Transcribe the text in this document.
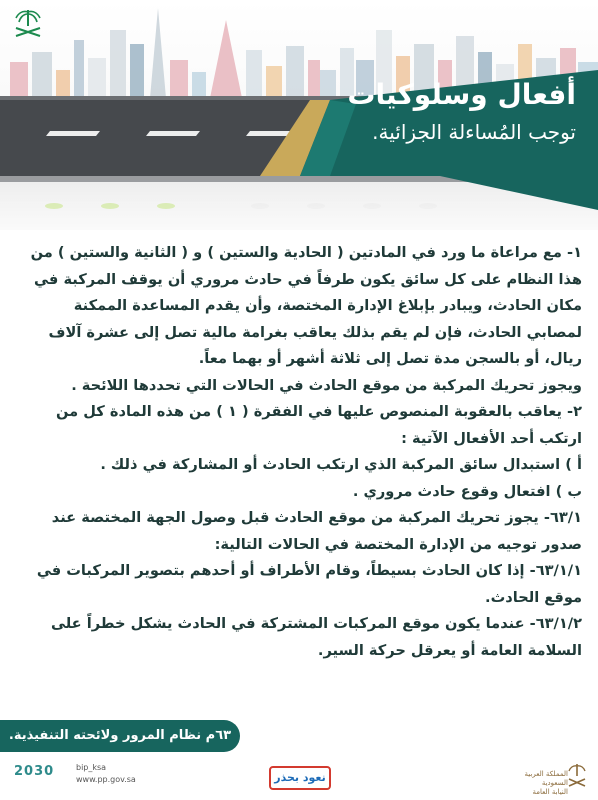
أفعال وسلوكيات
توجب المُساءلة الجزائية.

١- مع مراعاة ما ورد في المادتين ( الحادية والستين ) و ( الثانية والستين ) من هذا النظام على كل سائق يكون طرفاً في حادث مروري أن يوقف المركبة في مكان الحادث، ويبادر بإبلاغ الإدارة المختصة، وأن يقدم المساعدة الممكنة لمصابي الحادث، فإن لم يقم بذلك يعاقب بغرامة مالية تصل إلى عشرة آلاف ريال، أو بالسجن مدة تصل إلى ثلاثة أشهر أو بهما معاً.

ويجوز تحريك المركبة من موقع الحادث في الحالات التي تحددها اللائحة .

٢- يعاقب بالعقوبة المنصوص عليها في الفقرة ( ١ ) من هذه المادة كل من ارتكب أحد الأفعال الآتية :

أ ) استبدال سائق المركبة الذي ارتكب الحادث أو المشاركة في ذلك .

ب ) افتعال وقوع حادث مروري .

٦٣/١- يجوز تحريك المركبة من موقع الحادث قبل وصول الجهة المختصة عند صدور توجيه من الإدارة المختصة في الحالات التالية:

٦٣/١/١- إذا كان الحادث بسيطاً، وقام الأطراف أو أحدهم بتصوير المركبات في موقع الحادث.

٦٣/١/٢- عندما يكون موقع المركبات المشتركة في الحادث يشكل خطراً على السلامة العامة أو يعرقل حركة السير.

٦٣م نظام المرور ولائحته التنفيذية.
2030	bip_ksa
www.pp.gov.sa	نعود بحذر	المملكة العربية السعودية
النيابة العامة
